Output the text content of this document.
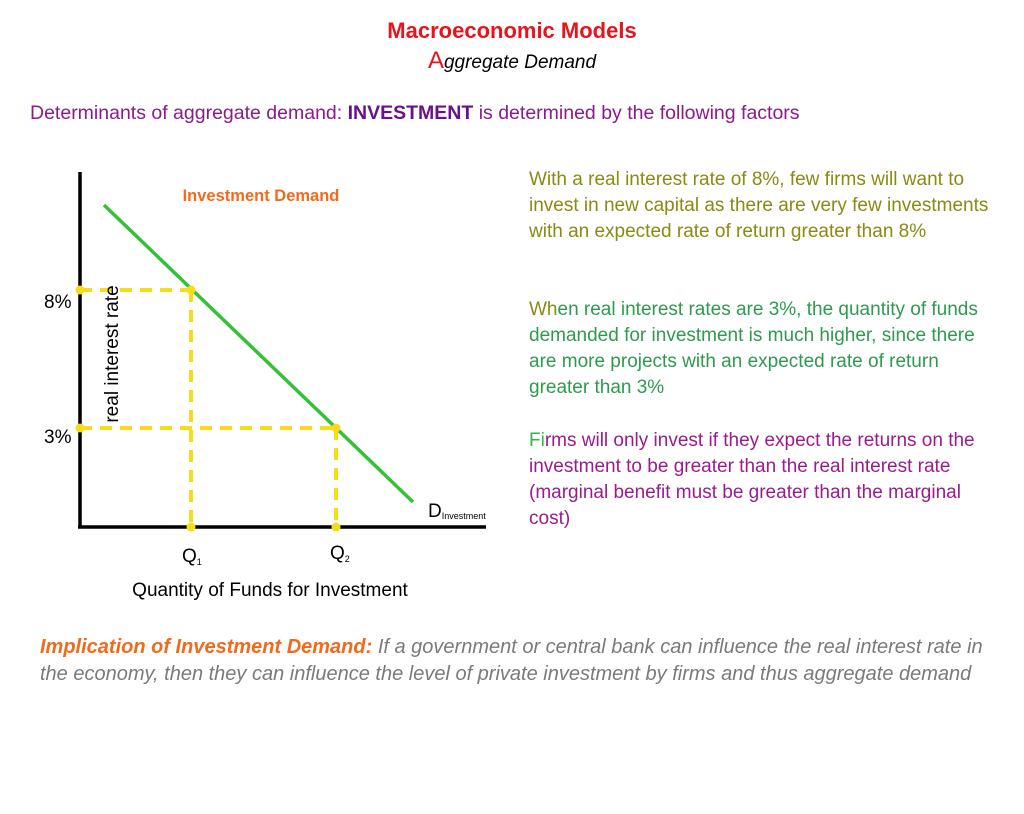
Macroeconomic Models
Aggregate Demand
Determinants of aggregate demand: INVESTMENT is determined by the following factors
Investment Demand
real interest rate
8%
3%
Q1	Q2
DInvestment
Quantity of Funds for Investment
With a real interest rate of 8%, few firms will want to invest in new capital as there are very few investments with an expected rate of return greater than 8%
When real interest rates are 3%, the quantity of funds demanded for investment is much higher, since there are more projects with an expected rate of return greater than 3%
Firms will only invest if they expect the returns on the investment to be greater than the real interest rate (marginal benefit must be greater than the marginal cost)
Implication of Investment Demand: If a government or central bank can influence the real interest rate in the economy, then they can influence the level of private investment by firms and thus aggregate demand
